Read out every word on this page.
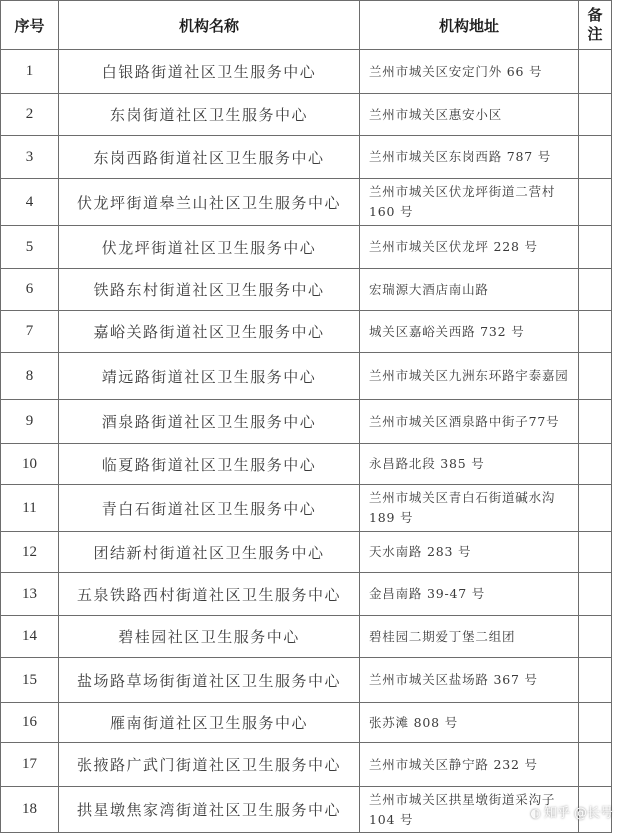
序号	机构名称	机构地址	备
注
1	白银路街道社区卫生服务中心	兰州市城关区安定门外 66 号	
2	东岗街道社区卫生服务中心	兰州市城关区惠安小区	
3	东岗西路街道社区卫生服务中心	兰州市城关区东岗西路 787 号	
4	伏龙坪街道皋兰山社区卫生服务中心	兰州市城关区伏龙坪街道二营村 160 号	
5	伏龙坪街道社区卫生服务中心	兰州市城关区伏龙坪 228 号	
6	铁路东村街道社区卫生服务中心	宏瑞源大酒店南山路	
7	嘉峪关路街道社区卫生服务中心	城关区嘉峪关西路 732 号	
8	靖远路街道社区卫生服务中心	兰州市城关区九洲东环路宇泰嘉园	
9	酒泉路街道社区卫生服务中心	兰州市城关区酒泉路中街子77号	
10	临夏路街道社区卫生服务中心	永昌路北段 385 号	
11	青白石街道社区卫生服务中心	兰州市城关区青白石街道碱水沟 189 号	
12	团结新村街道社区卫生服务中心	天水南路 283 号	
13	五泉铁路西村街道社区卫生服务中心	金昌南路 39-47 号	
14	碧桂园社区卫生服务中心	碧桂园二期爱丁堡二组团	
15	盐场路草场街街道社区卫生服务中心	兰州市城关区盐场路 367 号	
16	雁南街道社区卫生服务中心	张苏滩 808 号	
17	张掖路广武门街道社区卫生服务中心	兰州市城关区静宁路 232 号	
18	拱星墩焦家湾街道社区卫生服务中心	兰州市城关区拱星墩街道采沟子 104 号		◐ 知乎 @长号
